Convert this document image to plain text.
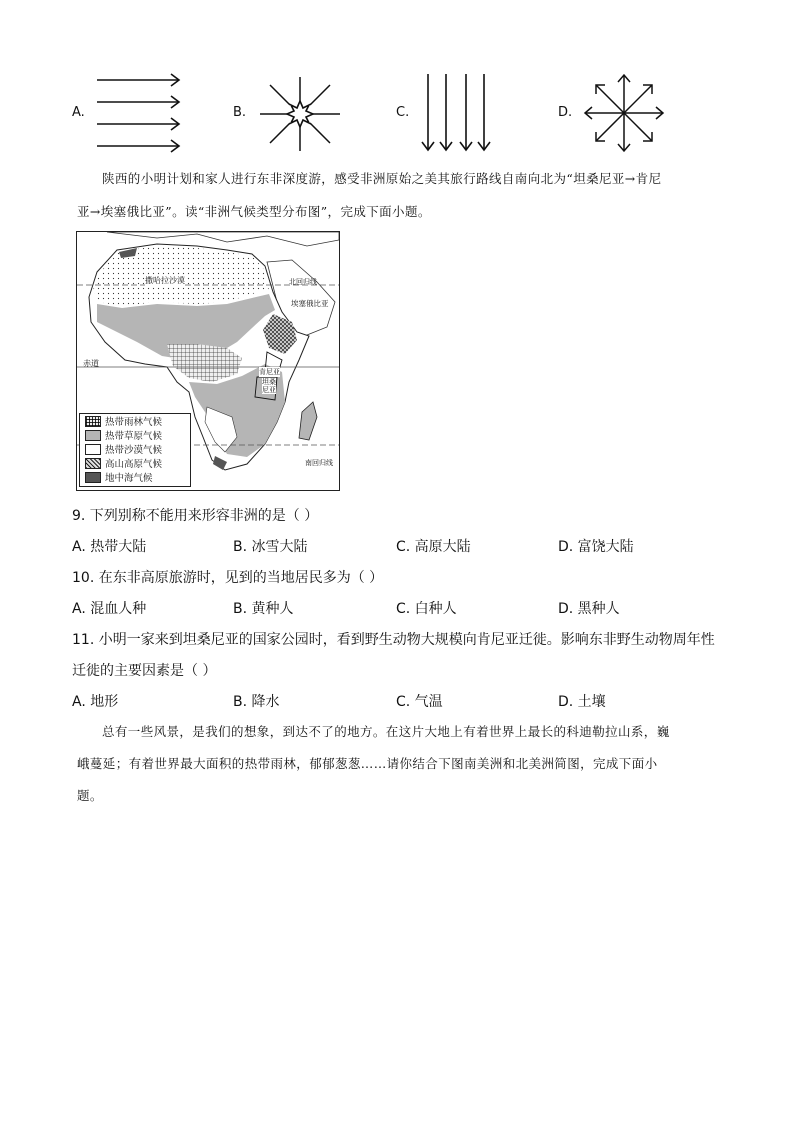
A.	B.	C.	D.
陕西的小明计划和家人进行东非深度游，感受非洲原始之美其旅行路线自南向北为“坦桑尼亚→肯尼
亚→埃塞俄比亚”。读“非洲气候类型分布图”，完成下面小题。
撒哈拉沙漠	北回归线
埃塞俄比亚
赤道
肯尼亚
坦桑
尼亚
南回归线
热带雨林气候
热带草原气候
热带沙漠气候
高山高原气候
地中海气候
9. 下列别称不能用来形容非洲的是（ ）
A. 热带大陆	B. 冰雪大陆	C. 高原大陆	D. 富饶大陆
10. 在东非高原旅游时，见到的当地居民多为（ ）
A. 混血人种	B. 黄种人	C. 白种人	D. 黑种人
11. 小明一家来到坦桑尼亚的国家公园时，看到野生动物大规模向肯尼亚迁徙。影响东非野生动物周年性
迁徙的主要因素是（ ）
A. 地形	B. 降水	C. 气温	D. 土壤
总有一些风景，是我们的想象，到达不了的地方。在这片大地上有着世界上最长的科迪勒拉山系，巍
峨蔓延；有着世界最大面积的热带雨林，郁郁葱葱……请你结合下图南美洲和北美洲简图，完成下面小
题。
